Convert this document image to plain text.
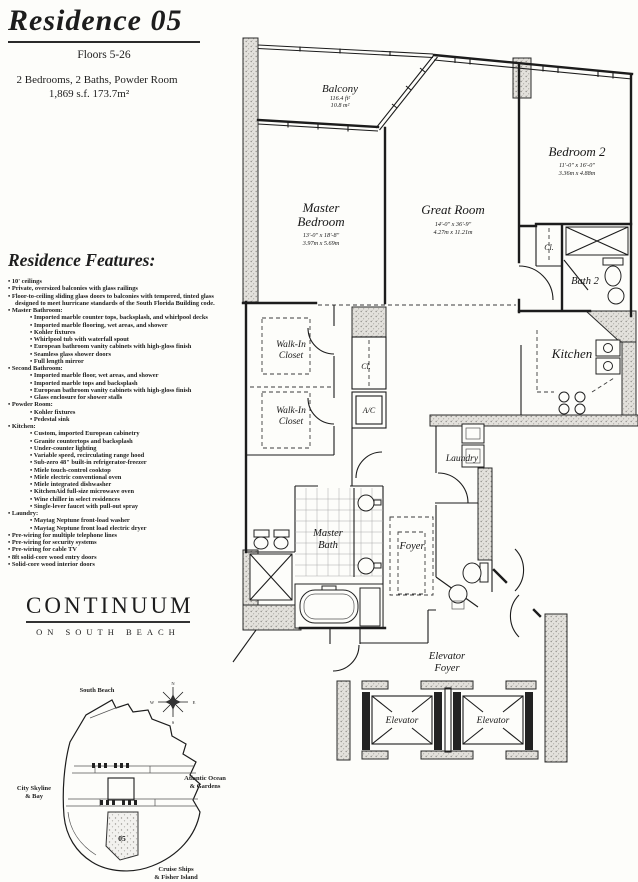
Residence 05
Floors 5-26
2 Bedrooms, 2 Baths, Powder Room
1,869 s.f. 173.7m²
Residence Features:
• 10' ceilings
• Private, oversized balconies with glass railings
• Floor-to-ceiling sliding glass doors to balconies with tempered, tinted glass designed to meet hurricane standards of the South Florida Building code.
• Master Bathroom:
• Imported marble counter tops, backsplash, and whirlpool decks
• Imported marble flooring, wet areas, and shower
• Kohler fixtures
• Whirlpool tub with waterfall spout
• European bathroom vanity cabinets with high-gloss finish
• Seamless glass shower doors
• Full length mirror
• Second Bathroom:
• Imported marble floor, wet areas, and shower
• Imported marble tops and backsplash
• European bathroom vanity cabinets with high-gloss finish
• Glass enclosure for shower stalls
• Powder Room:
• Kohler fixtures
• Pedestal sink
• Kitchen:
• Custom, imported European cabinetry
• Granite countertops and backsplash
• Under-counter lighting
• Variable speed, recirculating range hood
• Sub-zero 48" built-in refrigerator-freezer
• Miele touch-control cooktop
• Miele electric conventional oven
• Miele integrated dishwasher
• KitchenAid full-size microwave oven
• Wine chiller in select residences
• Single-lever faucet with pull-out spray
• Laundry:
• Maytag Neptune front-load washer
• Maytag Neptune front load electric dryer
• Pre-wiring for multiple telephone lines
• Pre-wiring for security systems
• Pre-wiring for cable TV
• 8ft solid-core wood entry doors
• Solid-core wood interior doors
CONTINUUM
ON SOUTH BEACH
Balcony
116.4 ft²
10.8 m²
Master
Bedroom
13'-0" x 18'-8"
3.97m x 5.69m
Great Room
14'-0" x 36'-9"
4.27m x 11.21m
Bedroom 2
11'-0" x 16'-0"
3.36m x 4.88m
Cl.
Bath 2
Kitchen
Walk-In
Closet
Walk-In
Closet
Cl.
A/C
Laundry
Master
Bath	Foyer
Elevator
Foyer
Elevator	Elevator
N
S
W	E
South Beach
City Skyline
& Bay
Atlantic Ocean
& Gardens
Cruise Ships
& Fisher Island
05
